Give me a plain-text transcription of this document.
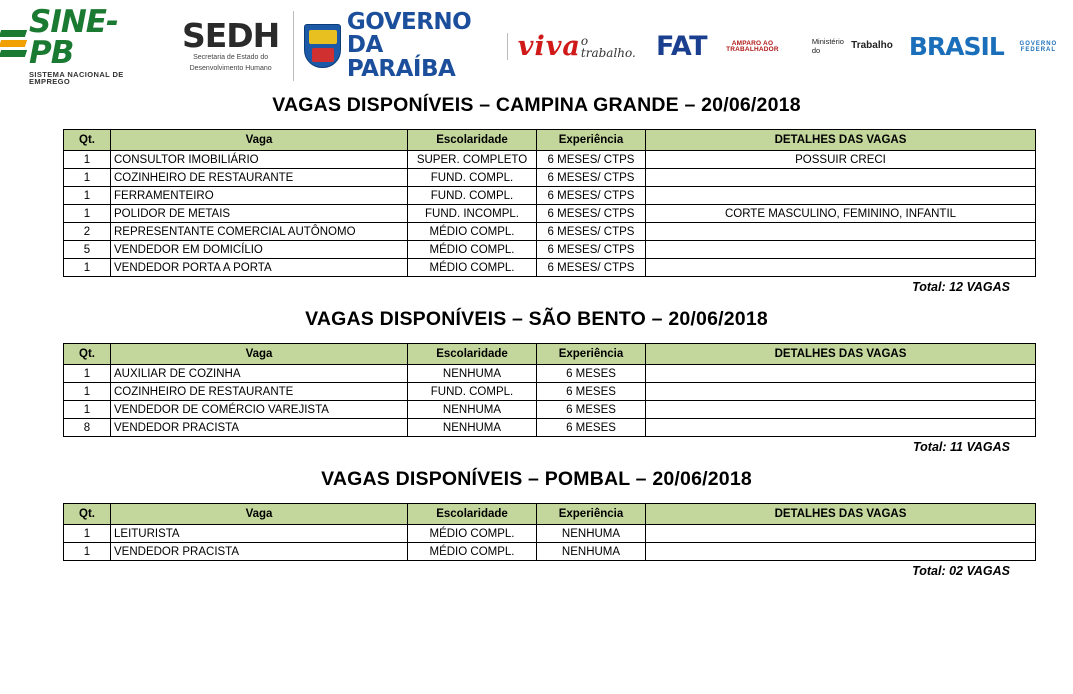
SINE-PB
SISTEMA NACIONAL DE EMPREGO
SEDH
Secretaria de Estado do
Desenvolvimento Humano
GOVERNO
DA PARAÍBA
viva o trabalho. FAT	AMPARO AO TRABALHADOR
Ministério do	Trabalho BRASIL	GOVERNO FEDERAL
VAGAS DISPONÍVEIS – CAMPINA GRANDE – 20/06/2018
Qt.	Vaga	Escolaridade	Experiência	DETALHES DAS VAGAS
1	CONSULTOR IMOBILIÁRIO	SUPER. COMPLETO	6 MESES/ CTPS	POSSUIR CRECI
1	COZINHEIRO DE RESTAURANTE	FUND. COMPL.	6 MESES/ CTPS	
1	FERRAMENTEIRO	FUND. COMPL.	6 MESES/ CTPS	
1	POLIDOR DE METAIS	FUND. INCOMPL.	6 MESES/ CTPS	CORTE MASCULINO, FEMININO, INFANTIL
2	REPRESENTANTE COMERCIAL AUTÔNOMO	MÉDIO COMPL.	6 MESES/ CTPS	
5	VENDEDOR EM DOMICÍLIO	MÉDIO COMPL.	6 MESES/ CTPS	
1	VENDEDOR PORTA A PORTA	MÉDIO COMPL.	6 MESES/ CTPS	
Total: 12 VAGAS
VAGAS DISPONÍVEIS – SÃO BENTO – 20/06/2018
Qt.	Vaga	Escolaridade	Experiência	DETALHES DAS VAGAS
1	AUXILIAR DE COZINHA	NENHUMA	6 MESES	
1	COZINHEIRO DE RESTAURANTE	FUND. COMPL.	6 MESES	
1	VENDEDOR DE COMÉRCIO VAREJISTA	NENHUMA	6 MESES	
8	VENDEDOR PRACISTA	NENHUMA	6 MESES	
Total: 11 VAGAS
VAGAS DISPONÍVEIS – POMBAL – 20/06/2018
Qt.	Vaga	Escolaridade	Experiência	DETALHES DAS VAGAS
1	LEITURISTA	MÉDIO COMPL.	NENHUMA	
1	VENDEDOR PRACISTA	MÉDIO COMPL.	NENHUMA	
Total: 02 VAGAS
